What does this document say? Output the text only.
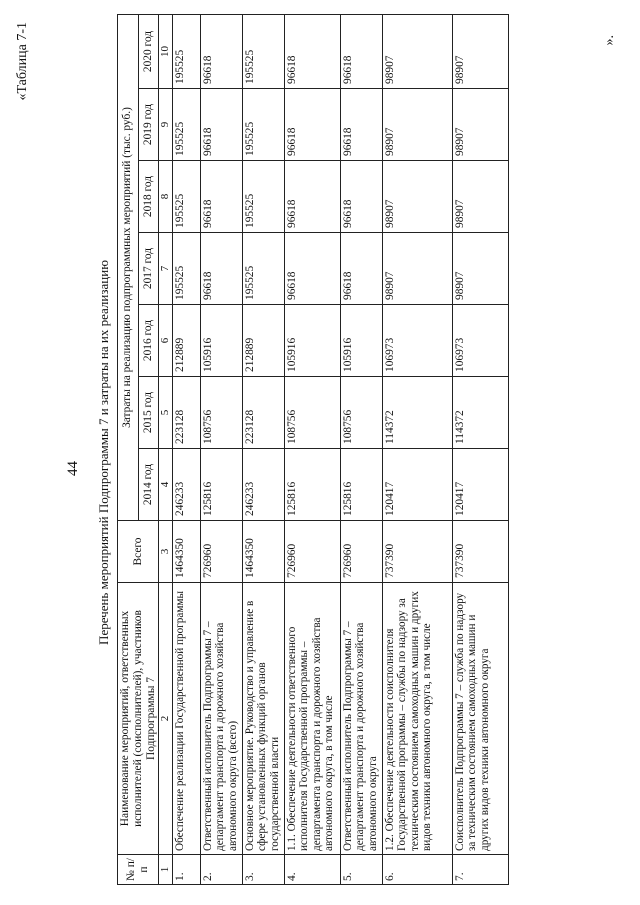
44
«Таблица 7-1
Перечень мероприятий Подпрограммы 7 и затраты на их реализацию
№ п/п	Наименование мероприятий, ответственных исполнителей (соисполнителей), участников Подпрограммы 7	Всего	Затраты на реализацию подпрограммных мероприятий (тыс. руб.)						
			2014 год	2015 год	2016 год	2017 год	2018 год	2019 год	2020 год
1	2	3	4	5	6	7	8	9	10
1.	Обеспечение реализации Государственной программы	1464350	246233	223128	212889	195525	195525	195525	195525
2.	Ответственный исполнитель Подпрограммы 7 – департамент транспорта и дорожного хозяйства автономного округа (всего)	726960	125816	108756	105916	96618	96618	96618	96618
3.	Основное мероприятие. Руководство и управление в сфере установленных функций органов государственной власти	1464350	246233	223128	212889	195525	195525	195525	195525
4.	1.1. Обеспечение деятельности ответственного исполнителя Государственной программы – департамента транспорта и дорожного хозяйства автономного округа, в том числе	726960	125816	108756	105916	96618	96618	96618	96618
5.	Ответственный исполнитель Подпрограммы 7 – департамент транспорта и дорожного хозяйства автономного округа	726960	125816	108756	105916	96618	96618	96618	96618
6.	1.2. Обеспечение деятельности соисполнителя Государственной программы – службы по надзору за техническим состоянием самоходных машин и других видов техники автономного округа, в том числе	737390	120417	114372	106973	98907	98907	98907	98907
7.	Соисполнитель Подпрограммы 7 – служба по надзору за техническим состоянием самоходных машин и других видов техники автономного округа	737390	120417	114372	106973	98907	98907	98907	98907
».
